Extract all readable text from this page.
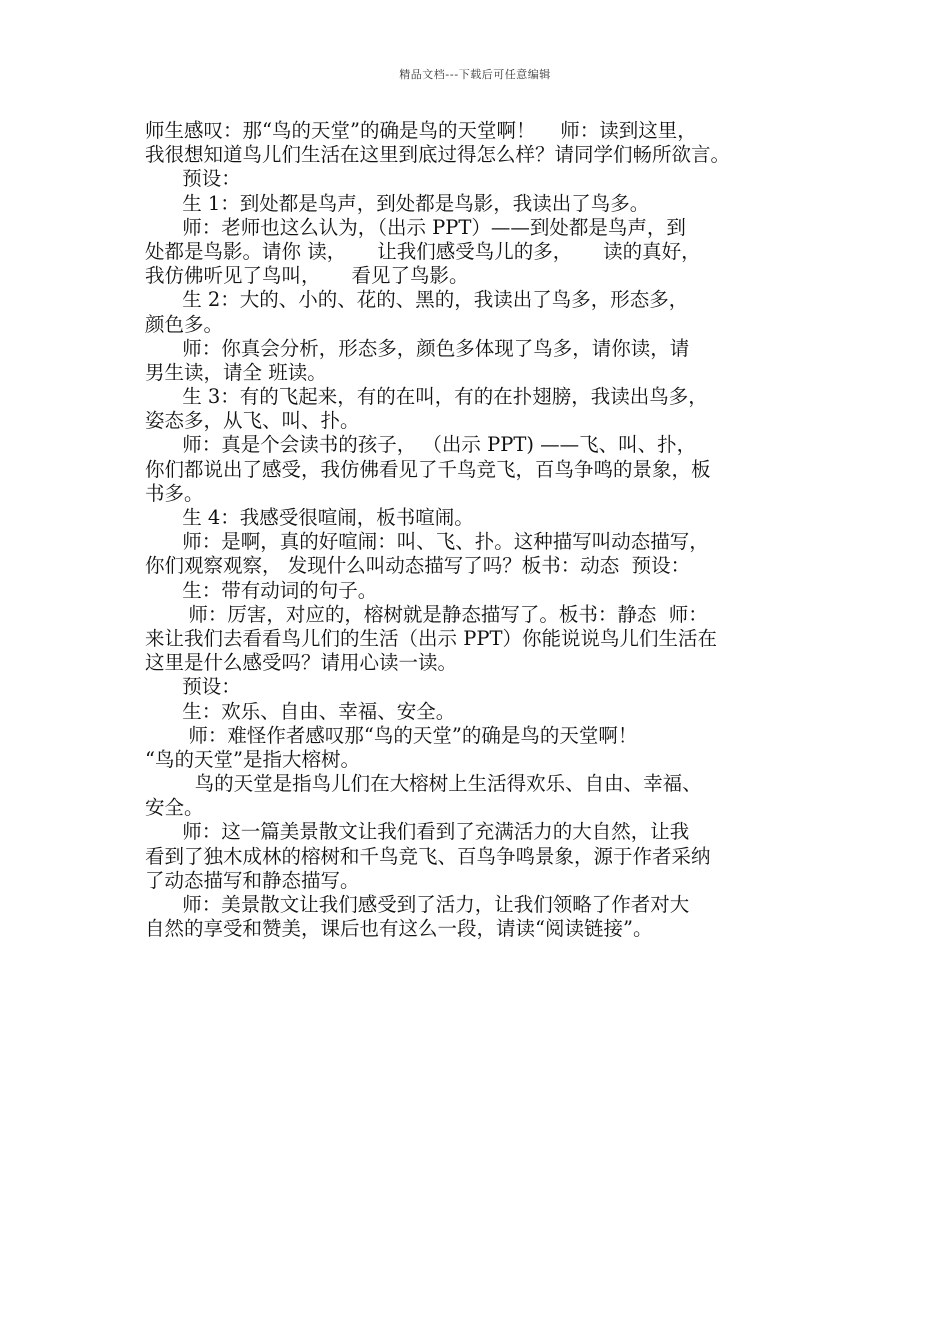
精品文档---下载后可任意编辑
师生感叹：那“鸟的天堂”的确是鸟的天堂啊！    师：读到这里，
我很想知道鸟儿们生活在这里到底过得怎么样？请同学们畅所欲言。
预设：
生 1：到处都是鸟声，到处都是鸟影，我读出了鸟多。
师：老师也这么认为，（出示 PPT）——到处都是鸟声，到
处都是鸟影。请你 读，     让我们感受鸟儿的多，     读的真好，
我仿佛听见了鸟叫，     看见了鸟影。
生 2：大的、小的、花的、黑的，我读出了鸟多，形态多，
颜色多。
师：你真会分析，形态多，颜色多体现了鸟多，请你读，请
男生读，请全 班读。
生 3：有的飞起来，有的在叫，有的在扑翅膀，我读出鸟多，
姿态多，从飞、叫、扑。
师：真是个会读书的孩子， （出示 PPT) ——飞、叫、扑，
你们都说出了感受，我仿佛看见了千鸟竞飞，百鸟争鸣的景象，板
书多。
生 4：我感受很喧闹，板书喧闹。
师：是啊，真的好喧闹：叫、飞、扑。这种描写叫动态描写，
你们观察观察， 发现什么叫动态描写了吗？板书：动态  预设：
生：带有动词的句子。
师：厉害，对应的，榕树就是静态描写了。板书：静态  师：
来让我们去看看鸟儿们的生活（出示 PPT）你能说说鸟儿们生活在
这里是什么感受吗？请用心读一读。
预设：
生：欢乐、自由、幸福、安全。
师：难怪作者感叹那“鸟的天堂”的确是鸟的天堂啊！
“鸟的天堂”是指大榕树。
鸟的天堂是指鸟儿们在大榕树上生活得欢乐、自由、幸福、
安全。
师：这一篇美景散文让我们看到了充满活力的大自然，让我
看到了独木成林的榕树和千鸟竞飞、百鸟争鸣景象，源于作者采纳
了动态描写和静态描写。
师：美景散文让我们感受到了活力，让我们领略了作者对大
自然的享受和赞美，课后也有这么一段，请读“阅读链接”。
